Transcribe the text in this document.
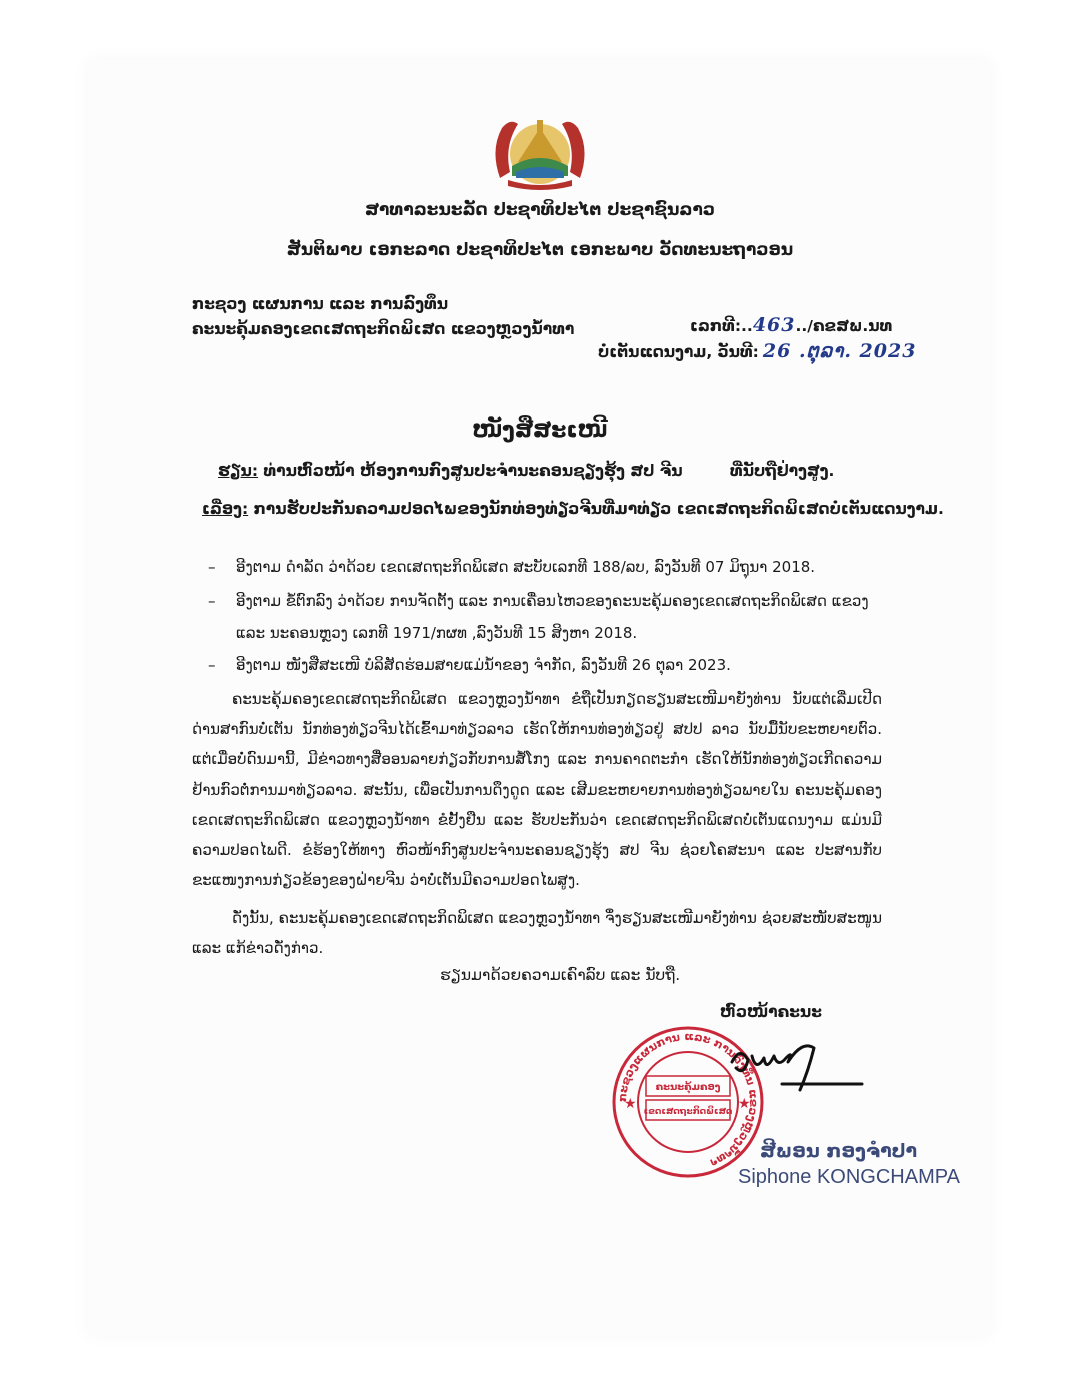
ສາທາລະນະລັດ ປະຊາທິປະໄຕ ປະຊາຊົນລາວ
ສັນຕິພາບ ເອກະລາດ ປະຊາທິປະໄຕ ເອກະພາບ ວັດທະນະຖາວອນ
ກະຊວງ ແຜນການ ແລະ ການລົງທຶນ
ຄະນະຄຸ້ມຄອງເຂດເສດຖະກິດພິເສດ ແຂວງຫຼວງນ້ຳທາ	ເລກທີ:..463../ຄຂສພ.ນທ
ບໍ່ເຕັນແດນງາມ, ວັນທີ: 26 .ຕຸລາ. 2023
ໜັງສືສະເໜີ
ຮຽນ: ທ່ານຫົວໜ້າ ຫ້ອງການກົງສູນປະຈຳນະຄອນຊຽງຮຸ້ງ ສປ ຈີນ	ທີ່ນັບຖືຢ່າງສູງ.
ເລື່ອງ: ການຮັບປະກັນຄວາມປອດໄພຂອງນັກທ່ອງທ່ຽວຈີນທີ່ມາທ່ຽວ ເຂດເສດຖະກິດພິເສດບໍ່ເຕັນແດນງາມ.
– ອີງຕາມ ດຳລັດ ວ່າດ້ວຍ ເຂດເສດຖະກິດພິເສດ ສະບັບເລກທີ 188/ລບ, ລົງວັນທີ 07 ມິຖຸນາ 2018.
– ອີງຕາມ ຂໍ້ຕົກລົງ ວ່າດ້ວຍ ການຈັດຕັ້ງ ແລະ ການເຄື່ອນໄຫວຂອງຄະນະຄຸ້ມຄອງເຂດເສດຖະກິດພິເສດ ແຂວງ ແລະ ນະຄອນຫຼວງ ເລກທີ 1971/ກຜທ ,ລົງວັນທີ 15 ສິງຫາ 2018.
– ອີງຕາມ ໜັງສືສະເໜີ ບໍລິສັດຮ່ອມສາຍແມ່ນ້ຳຂອງ ຈຳກັດ, ລົງວັນທີ 26 ຕຸລາ 2023.
ຄະນະຄຸ້ມຄອງເຂດເສດຖະກິດພິເສດ ແຂວງຫຼວງນ້ຳທາ ຂໍຖືເປັນກຽດຮຽນສະເໜີມາຍັງທ່ານ ນັບແຕ່ເລີ່ມເປີດດ່ານສາກົນບໍ່ເຕັນ ນັກທ່ອງທ່ຽວຈີນໄດ້ເຂົ້າມາທ່ຽວລາວ ເຮັດໃຫ້ການທ່ອງທ່ຽວຢູ່ ສປປ ລາວ ນັບມື້ນັບຂະຫຍາຍຕົວ. ແຕ່ເມື່ອບໍ່ດົນມານີ້, ມີຂ່າວທາງສື່ອອນລາຍກ່ຽວກັບການສໍ້ໂກງ ແລະ ການຄາດຕະກຳ ເຮັດໃຫ້ນັກທ່ອງທ່ຽວເກີດຄວາມຢ້ານກົວຕໍ່ການມາທ່ຽວລາວ. ສະນັ້ນ, ເພື່ອເປັນການດຶງດູດ ແລະ ເສີມຂະຫຍາຍການທ່ອງທ່ຽວພາຍໃນ ຄະນະຄຸ້ມຄອງເຂດເສດຖະກິດພິເສດ ແຂວງຫຼວງນ້ຳທາ ຂໍຢັ້ງຢືນ ແລະ ຮັບປະກັນວ່າ ເຂດເສດຖະກິດພິເສດບໍ່ເຕັນແດນງາມ ແມ່ນມີຄວາມປອດໄພດີ. ຂໍຮ້ອງໃຫ້ທາງ ຫົວໜ້າກົງສູນປະຈຳນະຄອນຊຽງຮຸ້ງ ສປ ຈີນ ຊ່ວຍໂຄສະນາ ແລະ ປະສານກັບຂະແໜງການກ່ຽວຂ້ອງຂອງຝ່າຍຈີນ ວ່າບໍ່ເຕັນມີຄວາມປອດໄພສູງ.
ດັ່ງນັ້ນ, ຄະນະຄຸ້ມຄອງເຂດເສດຖະກິດພິເສດ ແຂວງຫຼວງນ້ຳທາ ຈຶ່ງຮຽນສະເໜີມາຍັງທ່ານ ຊ່ວຍສະໜັບສະໜູນ ແລະ ແກ້ຂ່າວດັ່ງກ່າວ.
ຮຽນມາດ້ວຍຄວາມເຄົາລົບ ແລະ ນັບຖື.
ຫົວໜ້າຄະນະ
ກະຊວງແຜນການ ແລະ ການລົງທຶນ ແຂວງຫຼວງນ້ຳທາ
★	★
ຄະນະຄຸ້ມຄອງ
ເຂດເສດຖະກິດພິເສດ
ສີພອນ ກອງຈຳປາ
Siphone KONGCHAMPA
